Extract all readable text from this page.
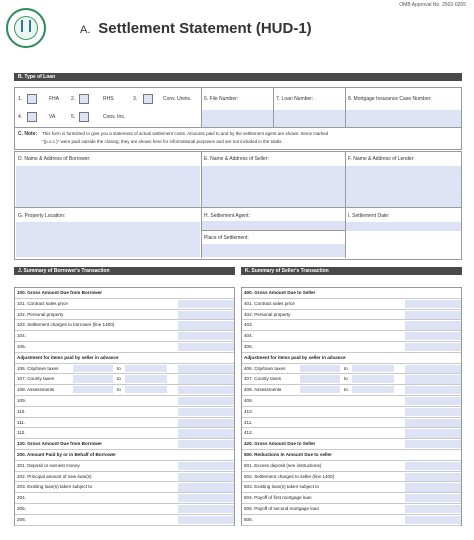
OMB Approval No. 2502-0265
A. Settlement Statement (HUD-1)
B. Type of Loan
1.	FHA 2.	RHS	3.	Conv. Unins.
4.	VA	5.	Conv. Ins.
6. File Number:	7. Loan Number:	8. Mortgage Insurance Case Number:
C. Note: This form is furnished to give you a statement of actual settlement costs. Amounts paid to and by the settlement agent are shown. Items marked
"(p.o.c.)" were paid outside the closing; they are shown here for informational purposes and are not included in the totals.
D. Name & Address of Borrower:	E. Name & Address of Seller:	F. Name & Address of Lender:
G. Property Location:	H. Settlement Agent:
Place of Settlement:
I. Settlement Date:
J. Summary of Borrower's Transaction	K. Summary of Seller's Transaction
100. Gross Amount Due from Borrower
101. Contract sales price
102. Personal property
103. Settlement charges to borrower (line 1400)
104.
105.
Adjustment for items paid by seller in advance
106. City/town taxes	to
107. County taxes	to
108. Assessments	to
109.
110.
111.
112.
120. Gross Amount Due from Borrower
200. Amount Paid by or in Behalf of Borrower
201. Deposit or earnest money
202. Principal amount of new loan(s)
203. Existing loan(s) taken subject to
204.
205.
206.
400. Gross Amount Due to Seller
401. Contract sales price
402. Personal property
403.
404.
405.
Adjustment for items paid by seller in advance
406. City/town taxes	to
407. County taxes	to
408. Assessments	to
409.
410.
411.
412.
420. Gross Amount Due to Seller
500. Reductions In Amount Due to seller
501. Excess deposit (see instructions)
502. Settlement charges to seller (line 1400)
503. Existing loan(s) taken subject to
504. Payoff of first mortgage loan
505. Payoff of second mortgage loan
506.
